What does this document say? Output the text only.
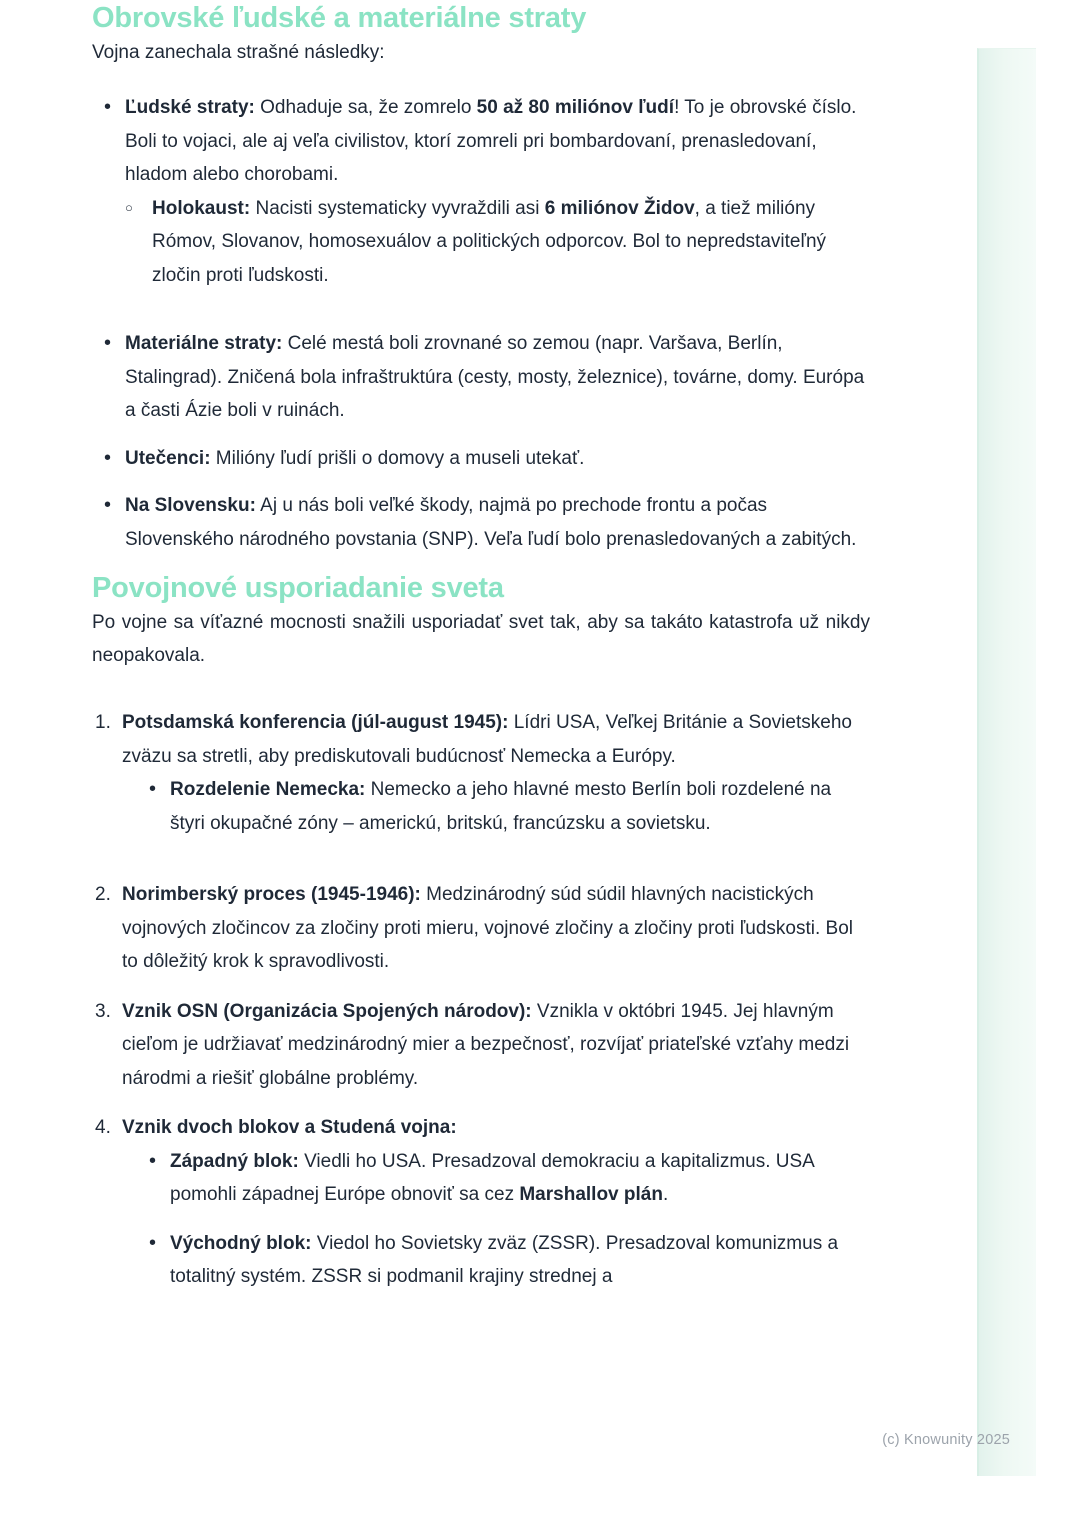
Obrovské ľudské a materiálne straty

Vojna zanechala strašné následky:

• Ľudské straty: Odhaduje sa, že zomrelo 50 až 80 miliónov ľudí! To je obrovské číslo. Boli to vojaci, ale aj veľa civilistov, ktorí zomreli pri bombardovaní, prenasledovaní, hladom alebo chorobami.
○ Holokaust: Nacisti systematicky vyvraždili asi 6 miliónov Židov, a tiež milióny Rómov, Slovanov, homosexuálov a politických odporcov. Bol to nepredstaviteľný zločin proti ľudskosti.
• Materiálne straty: Celé mestá boli zrovnané so zemou (napr. Varšava, Berlín, Stalingrad). Zničená bola infraštruktúra (cesty, mosty, železnice), továrne, domy. Európa a časti Ázie boli v ruinách.
• Utečenci: Milióny ľudí prišli o domovy a museli utekať.
• Na Slovensku: Aj u nás boli veľké škody, najmä po prechode frontu a počas Slovenského národného povstania (SNP). Veľa ľudí bolo prenasledovaných a zabitých.
Povojnové usporiadanie sveta

Po vojne sa víťazné mocnosti snažili usporiadať svet tak, aby sa takáto katastrofa už nikdy neopakovala.

1. Potsdamská konferencia (júl-august 1945): Lídri USA, Veľkej Británie a Sovietskeho zväzu sa stretli, aby prediskutovali budúcnosť Nemecka a Európy.
• Rozdelenie Nemecka: Nemecko a jeho hlavné mesto Berlín boli rozdelené na štyri okupačné zóny – americkú, britskú, francúzsku a sovietsku.
2. Norimberský proces (1945-1946): Medzinárodný súd súdil hlavných nacistických vojnových zločincov za zločiny proti mieru, vojnové zločiny a zločiny proti ľudskosti. Bol to dôležitý krok k spravodlivosti.
3. Vznik OSN (Organizácia Spojených národov): Vznikla v októbri 1945. Jej hlavným cieľom je udržiavať medzinárodný mier a bezpečnosť, rozvíjať priateľské vzťahy medzi národmi a riešiť globálne problémy.
4. Vznik dvoch blokov a Studená vojna:
• Západný blok: Viedli ho USA. Presadzoval demokraciu a kapitalizmus. USA pomohli západnej Európe obnoviť sa cez Marshallov plán.
• Východný blok: Viedol ho Sovietsky zväz (ZSSR). Presadzoval komunizmus a totalitný systém. ZSSR si podmanil krajiny strednej a
(c) Knowunity 2025
